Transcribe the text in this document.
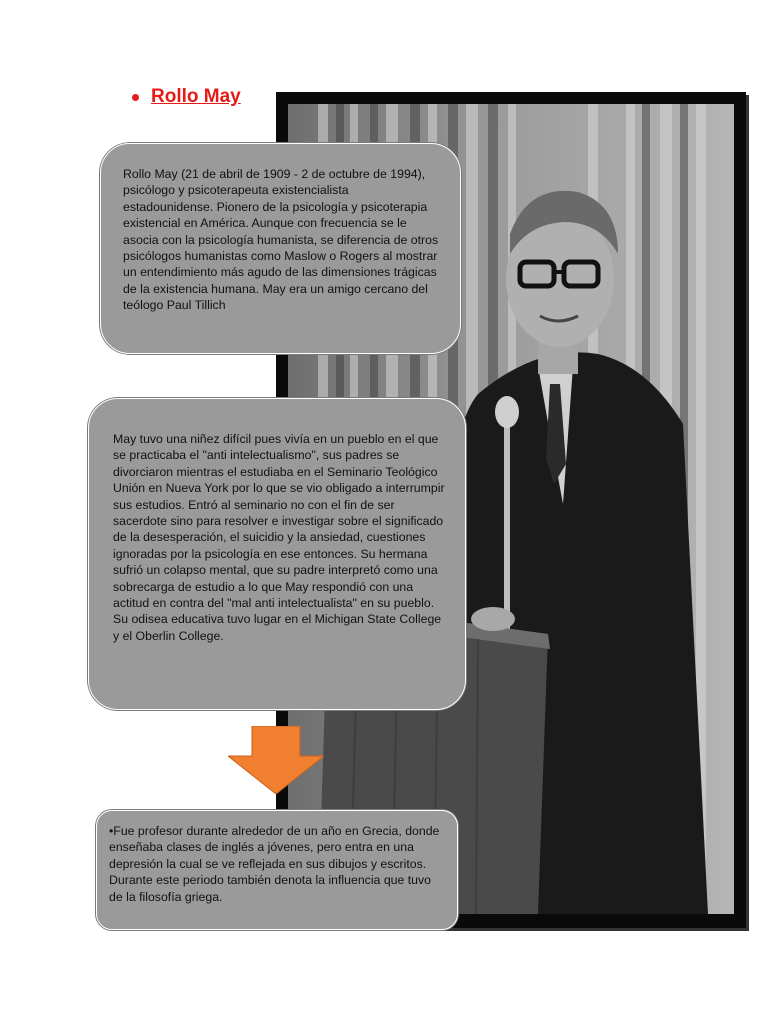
Rollo May
Rollo May (21 de abril de 1909 - 2 de octubre de 1994), psicólogo y psicoterapeuta existencialista estadounidense. Pionero de la psicología y psicoterapia existencial en América. Aunque con frecuencia se le asocia con la psicología humanista, se diferencia de otros psicólogos humanistas como Maslow o Rogers al mostrar un entendimiento más agudo de las dimensiones trágicas de la existencia humana. May era un amigo cercano del teólogo Paul Tillich
May tuvo una niñez difícil pues vivía en un pueblo en el que se practicaba el "anti intelectualismo", sus padres se divorciaron mientras el estudiaba en el Seminario Teológico Unión en Nueva York por lo que se vio obligado a interrumpir sus estudios. Entró al seminario no con el fin de ser sacerdote sino para resolver e investigar sobre el significado de la desesperación, el suicidio y la ansiedad, cuestiones ignoradas por la psicología en ese entonces. Su hermana sufrió un colapso mental, que su padre interpretó como una sobrecarga de estudio a lo que May respondió con una actitud en contra del "mal anti intelectualista" en su pueblo. Su odisea educativa tuvo lugar en el Michigan State College y el Oberlin College.
•Fue profesor durante alrededor de un año en Grecia, donde enseñaba clases de inglés a jóvenes, pero entra en una depresión la cual se ve reflejada en sus dibujos y escritos. Durante este periodo también denota la influencia que tuvo de la filosofía griega.
